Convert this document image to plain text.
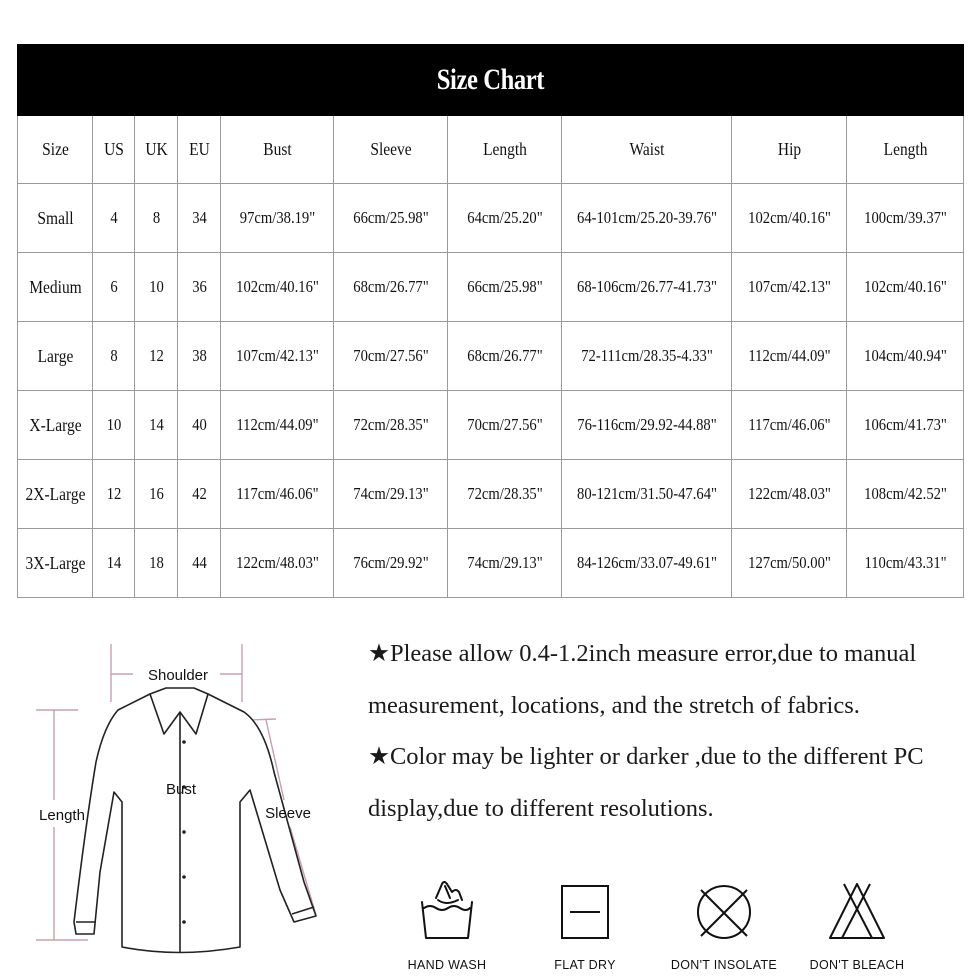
Size Chart									
Size	US	UK	EU	Bust	Sleeve	Length	Waist	Hip	Length
Small	4	8	34	97cm/38.19"	66cm/25.98"	64cm/25.20"	64-101cm/25.20-39.76"	102cm/40.16"	100cm/39.37"
Medium	6	10	36	102cm/40.16"	68cm/26.77"	66cm/25.98"	68-106cm/26.77-41.73"	107cm/42.13"	102cm/40.16"
Large	8	12	38	107cm/42.13"	70cm/27.56"	68cm/26.77"	72-111cm/28.35-4.33"	112cm/44.09"	104cm/40.94"
X-Large	10	14	40	112cm/44.09"	72cm/28.35"	70cm/27.56"	76-116cm/29.92-44.88"	117cm/46.06"	106cm/41.73"
2X-Large	12	16	42	117cm/46.06"	74cm/29.13"	72cm/28.35"	80-121cm/31.50-47.64"	122cm/48.03"	108cm/42.52"
3X-Large	14	18	44	122cm/48.03"	76cm/29.92"	74cm/29.13"	84-126cm/33.07-49.61"	127cm/50.00"	110cm/43.31"
Shoulder
Bust
Length	Sleeve

★Please allow 0.4-1.2inch measure error,due to manual measurement, locations, and the stretch of fabrics.

★Color may be lighter or darker ,due to the different PC display,due to different resolutions.

HAND WASH	FLAT DRY	DON'T INSOLATE	DON'T BLEACH
